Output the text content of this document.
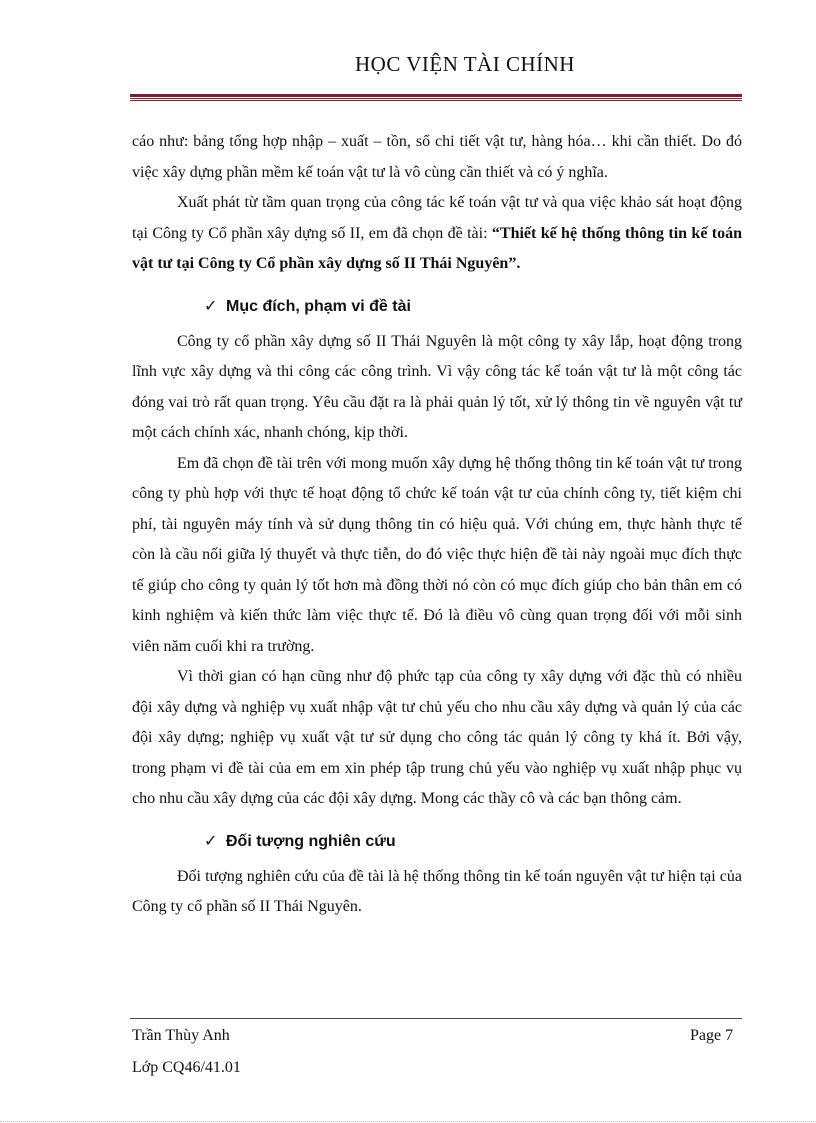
HỌC VIỆN TÀI CHÍNH

cáo như: bảng tổng hợp nhập – xuất – tồn, sổ chi tiết vật tư, hàng hóa… khi cần thiết. Do đó việc xây dựng phần mềm kế toán vật tư là vô cùng cần thiết và có ý nghĩa.

Xuất phát từ tầm quan trọng của công tác kế toán vật tư và qua việc khảo sát hoạt động tại Công ty Cổ phần xây dựng số II, em đã chọn đề tài: “Thiết kế hệ thống thông tin kế toán vật tư tại Công ty Cổ phần xây dựng số II Thái Nguyên”.

✓ Mục đích, phạm vi đề tài

Công ty cổ phần xây dựng số II Thái Nguyên là một công ty xây lắp, hoạt động trong lĩnh vực xây dựng và thi công các công trình. Vì vậy công tác kế toán vật tư là một công tác đóng vai trò rất quan trọng. Yêu cầu đặt ra là phải quản lý tốt, xử lý thông tin về nguyên vật tư một cách chính xác, nhanh chóng, kịp thời.

Em đã chọn đề tài trên với mong muốn xây dựng hệ thống thông tin kế toán vật tư trong công ty phù hợp với thực tế hoạt động tổ chức kế toán vật tư của chính công ty, tiết kiệm chi phí, tài nguyên máy tính và sử dụng thông tin có hiệu quả. Với chúng em, thực hành thực tế còn là cầu nối giữa lý thuyết và thực tiễn, do đó việc thực hiện đề tài này ngoài mục đích thực tế giúp cho công ty quản lý tốt hơn mà đồng thời nó còn có mục đích giúp cho bản thân em có kinh nghiệm và kiến thức làm việc thực tế. Đó là điều vô cùng quan trọng đối với mỗi sinh viên năm cuối khi ra trường.

Vì thời gian có hạn cũng như độ phức tạp của công ty xây dựng với đặc thù có nhiều đội xây dựng và nghiệp vụ xuất nhập vật tư chủ yếu cho nhu cầu xây dựng và quản lý của các đội xây dựng; nghiệp vụ xuất vật tư sử dụng cho công tác quản lý công ty khá ít. Bởi vậy, trong phạm vi đề tài của em em xin phép tập trung chủ yếu vào nghiệp vụ xuất nhập phục vụ cho nhu cầu xây dựng của các đội xây dựng. Mong các thầy cô và các bạn thông cảm.

✓ Đối tượng nghiên cứu

Đối tượng nghiên cứu của đề tài là hệ thống thông tin kế toán nguyên vật tư hiện tại của Công ty cổ phần số II Thái Nguyên.

Trần Thùy Anh	Page 7
Lớp CQ46/41.01
